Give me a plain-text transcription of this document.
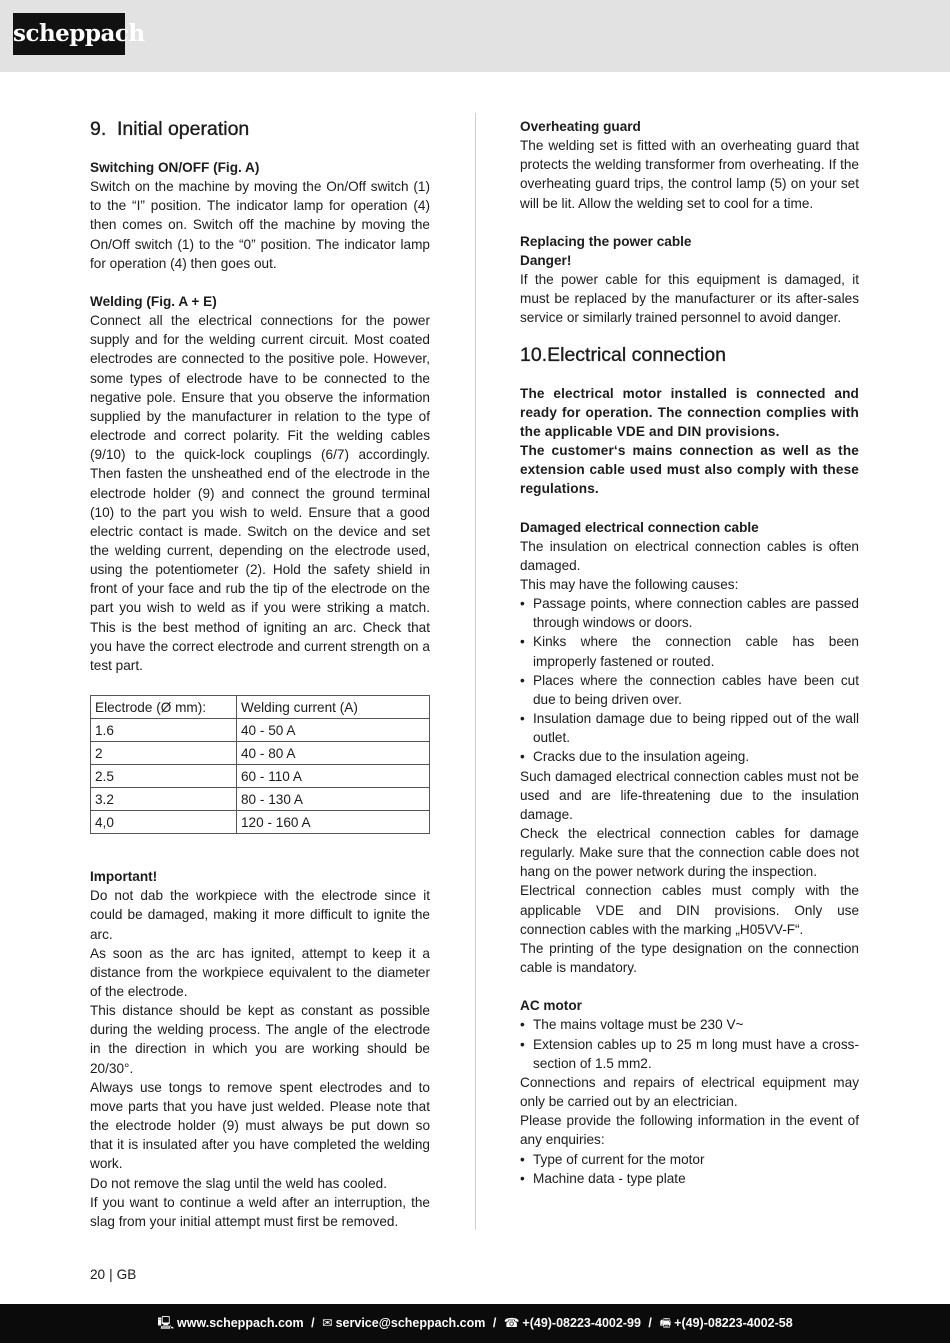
scheppach
9. Initial operation
Switching ON/OFF (Fig. A)

Switch on the machine by moving the On/Off switch (1) to the “I” position. The indicator lamp for operation (4) then comes on. Switch off the machine by moving the On/Off switch (1) to the “0” position. The indicator lamp for operation (4) then goes out.

Welding (Fig. A + E)

Connect all the electrical connections for the power supply and for the welding current circuit. Most coated electrodes are connected to the positive pole. However, some types of electrode have to be connected to the negative pole. Ensure that you observe the information supplied by the manufacturer in relation to the type of electrode and correct polarity. Fit the welding cables (9/10) to the quick-lock couplings (6/7) accordingly. Then fasten the unsheathed end of the electrode in the electrode holder (9) and connect the ground terminal (10) to the part you wish to weld. Ensure that a good electric contact is made. Switch on the device and set the welding current, depending on the electrode used, using the potentiometer (2). Hold the safety shield in front of your face and rub the tip of the electrode on the part you wish to weld as if you were striking a match. This is the best method of igniting an arc. Check that you have the correct electrode and current strength on a test part.

Electrode (Ø mm):	Welding current (A)
1.6	40 - 50 A
2	40 - 80 A
2.5	60 - 110 A
3.2	80 - 130 A
4,0	120 - 160 A
Important!

Do not dab the workpiece with the electrode since it could be damaged, making it more difficult to ignite the arc.

As soon as the arc has ignited, attempt to keep it a distance from the workpiece equivalent to the diameter of the electrode.

This distance should be kept as constant as possible during the welding process. The angle of the electrode in the direction in which you are working should be 20/30°.

Always use tongs to remove spent electrodes and to move parts that you have just welded. Please note that the electrode holder (9) must always be put down so that it is insulated after you have completed the welding work.

Do not remove the slag until the weld has cooled.

If you want to continue a weld after an interruption, the slag from your initial attempt must first be removed.

Overheating guard

The welding set is fitted with an overheating guard that protects the welding transformer from overheating. If the overheating guard trips, the control lamp (5) on your set will be lit. Allow the welding set to cool for a time.

Replacing the power cable
Danger!

If the power cable for this equipment is damaged, it must be replaced by the manufacturer or its after-sales service or similarly trained personnel to avoid danger.

10.Electrical connection

The electrical motor installed is connected and ready for operation. The connection complies with the applicable VDE and DIN provisions.

The customer‘s mains connection as well as the extension cable used must also comply with these regulations.

Damaged electrical connection cable

The insulation on electrical connection cables is often damaged.

This may have the following causes:

• Passage points, where connection cables are passed through windows or doors.
• Kinks where the connection cable has been improperly fastened or routed.
• Places where the connection cables have been cut due to being driven over.
• Insulation damage due to being ripped out of the wall outlet.
• Cracks due to the insulation ageing.

Such damaged electrical connection cables must not be used and are life-threatening due to the insulation damage.

Check the electrical connection cables for damage regularly. Make sure that the connection cable does not hang on the power network during the inspection.

Electrical connection cables must comply with the applicable VDE and DIN provisions. Only use connection cables with the marking „H05VV-F“.

The printing of the type designation on the connection cable is mandatory.

AC motor
• The mains voltage must be 230 V~
• Extension cables up to 25 m long must have a cross-section of 1.5 mm2.

Connections and repairs of electrical equipment may only be carried out by an electrician.

Please provide the following information in the event of any enquiries:

• Type of current for the motor
• Machine data - type plate
20 | GB
🖳 www.scheppach.com / ✉ service@scheppach.com / ☎ +(49)-08223-4002-99 / 🖷 +(49)-08223-4002-58
